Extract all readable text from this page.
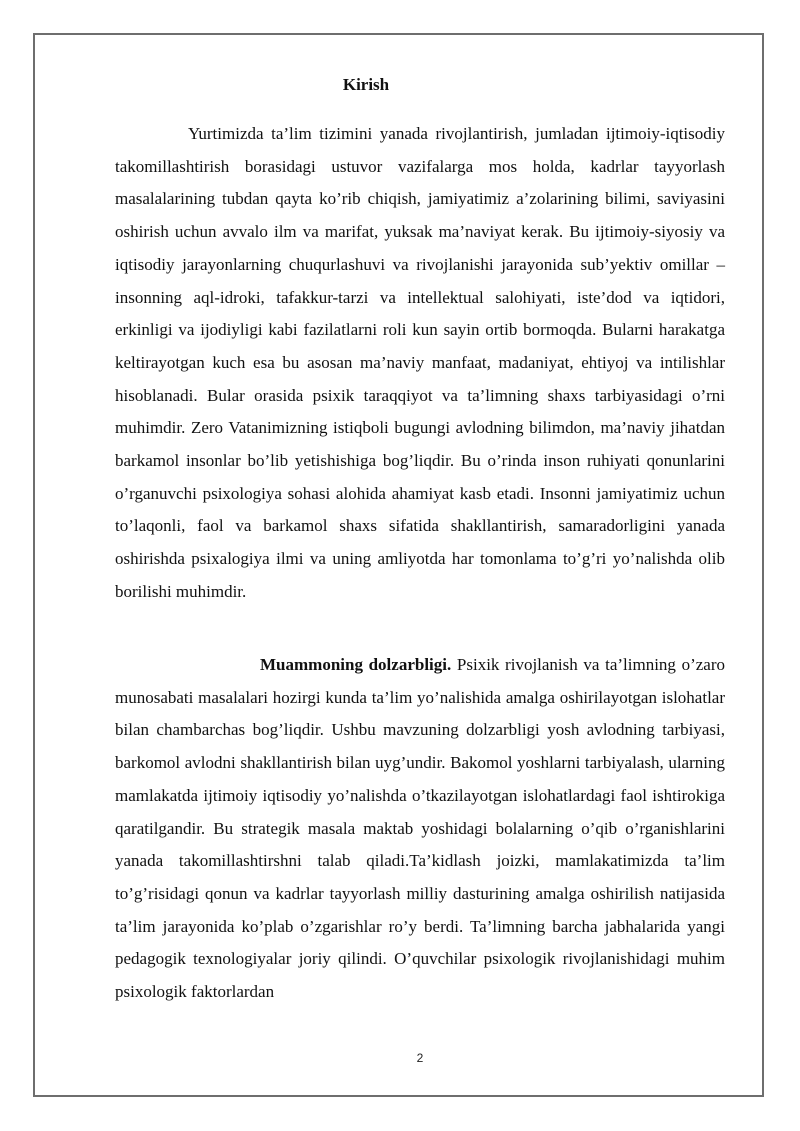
Kirish

Yurtimizda ta’lim tizimini yanada rivojlantirish, jumladan ijtimoiy-iqtisodiy takomillashtirish borasidagi ustuvor vazifalarga mos holda, kadrlar tayyorlash masalalarining tubdan qayta ko’rib chiqish, jamiyatimiz a’zolarining bilimi, saviyasini oshirish uchun avvalo ilm va marifat, yuksak ma’naviyat kerak. Bu ijtimoiy-siyosiy va iqtisodiy jarayonlarning chuqurlashuvi va rivojlanishi jarayonida sub’yektiv omillar – insonning aql-idroki, tafakkur-tarzi va intellektual salohiyati, iste’dod va iqtidori, erkinligi va ijodiyligi kabi fazilatlarni roli kun sayin ortib bormoqda. Bularni harakatga keltirayotgan kuch esa bu asosan ma’naviy manfaat, madaniyat, ehtiyoj va intilishlar hisoblanadi. Bular orasida psixik taraqqiyot va ta’limning shaxs tarbiyasidagi o’rni muhimdir. Zero Vatanimizning istiqboli bugungi avlodning bilimdon, ma’naviy jihatdan barkamol insonlar bo’lib yetishishiga bog’liqdir. Bu o’rinda inson ruhiyati qonunlarini o’rganuvchi psixologiya sohasi alohida ahamiyat kasb etadi. Insonni jamiyatimiz uchun to’laqonli, faol va barkamol shaxs sifatida shakllantirish, samaradorligini yanada oshirishda psixalogiya ilmi va uning amliyotda har tomonlama to’g’ri yo’nalishda olib borilishi muhimdir.

Muammoning dolzarbligi. Psixik rivojlanish va ta’limning o’zaro munosabati masalalari hozirgi kunda ta’lim yo’nalishida amalga oshirilayotgan islohatlar bilan chambarchas bog’liqdir. Ushbu mavzuning dolzarbligi yosh avlodning tarbiyasi, barkomol avlodni shakllantirish bilan uyg’undir. Bakomol yoshlarni tarbiyalash, ularning mamlakatda ijtimoiy iqtisodiy yo’nalishda o’tkazilayotgan islohatlardagi faol ishtirokiga qaratilgandir. Bu strategik masala maktab yoshidagi bolalarning o’qib o’rganishlarini yanada takomillashtirshni talab qiladi.Ta’kidlash joizki, mamlakatimizda ta’lim to’g’risidagi qonun va kadrlar tayyorlash milliy dasturining amalga oshirilish natijasida ta’lim jarayonida ko’plab o’zgarishlar ro’y berdi. Ta’limning barcha jabhalarida yangi pedagogik texnologiyalar joriy qilindi. O’quvchilar psixologik rivojlanishidagi muhim psixologik faktorlardan

2
